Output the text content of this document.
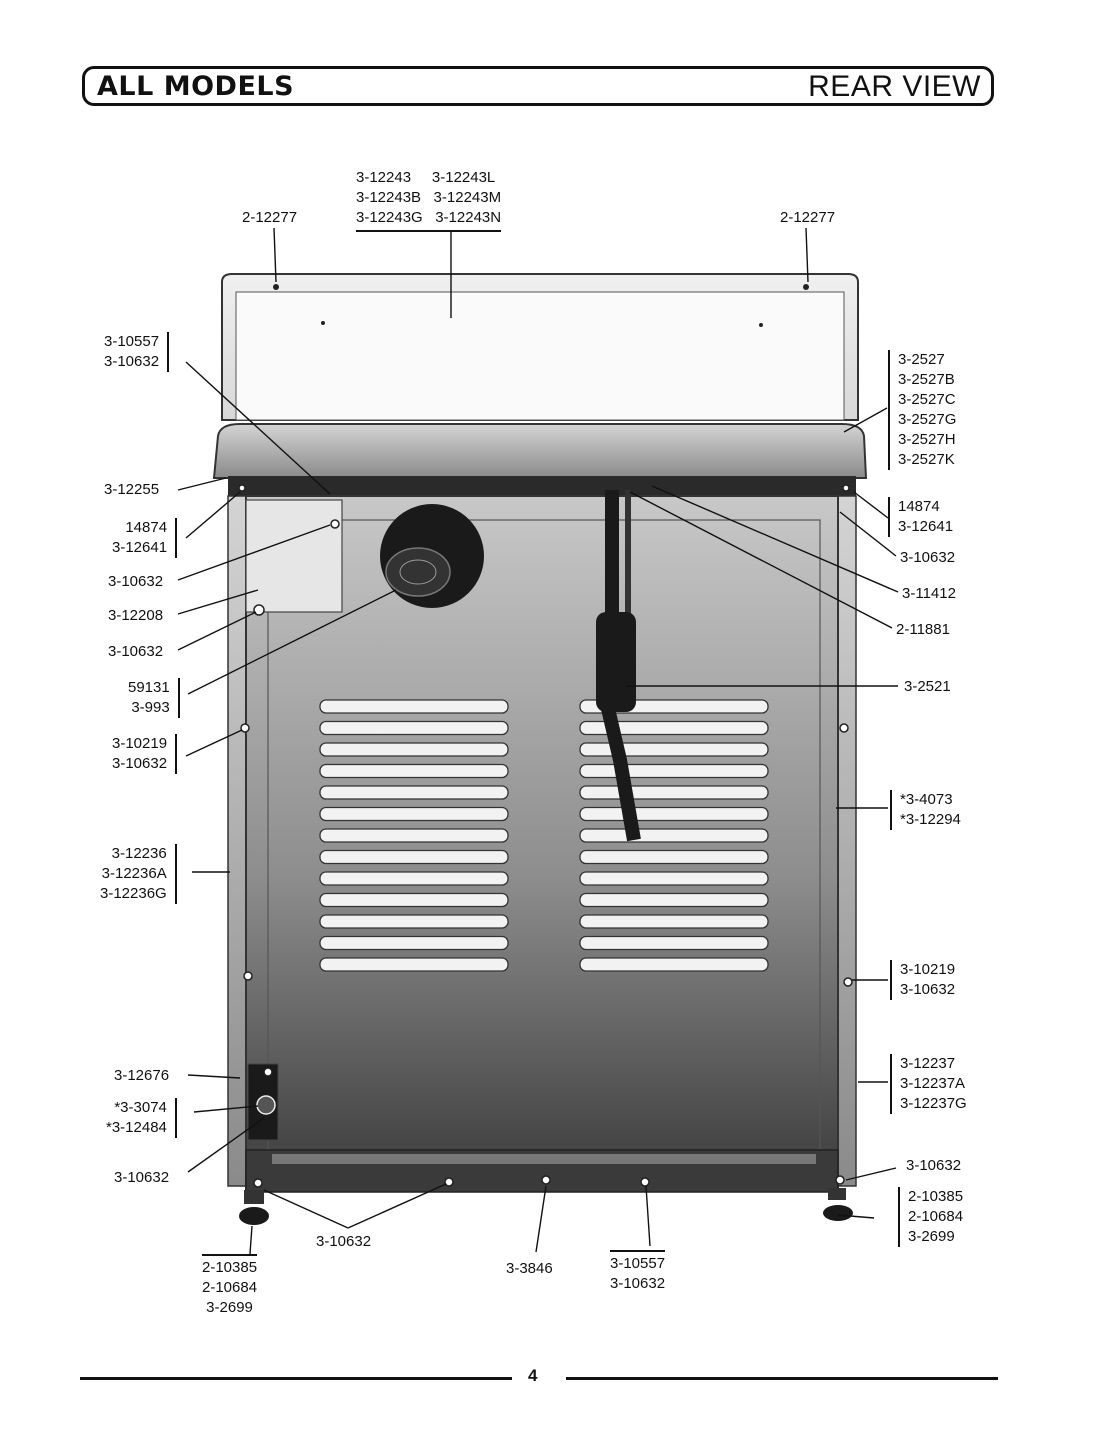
ALL MODELS	REAR VIEW
3-12243     3-12243L
3-12243B   3-12243M
3-12243G   3-12243N
2-12277	2-12277
3-10557
3-10632	3-2527
3-2527B
3-2527C
3-2527G
3-2527H
3-2527K
3-12255
14874
3-12641
14874
3-12641
3-10632
3-10632
3-12208
3-11412
3-10632
2-11881
59131
3-993
3-2521
3-10219
3-10632
*3-4073
*3-12294
3-12236
3-12236A
3-12236G
3-10219
3-10632
3-12676
3-12237
3-12237A
3-12237G
*3-3074
*3-12484
3-10632
3-10632
2-10385
2-10684
3-2699
3-10632
2-10385
2-10684
3-2699
3-3846	3-10557
3-10632
4
